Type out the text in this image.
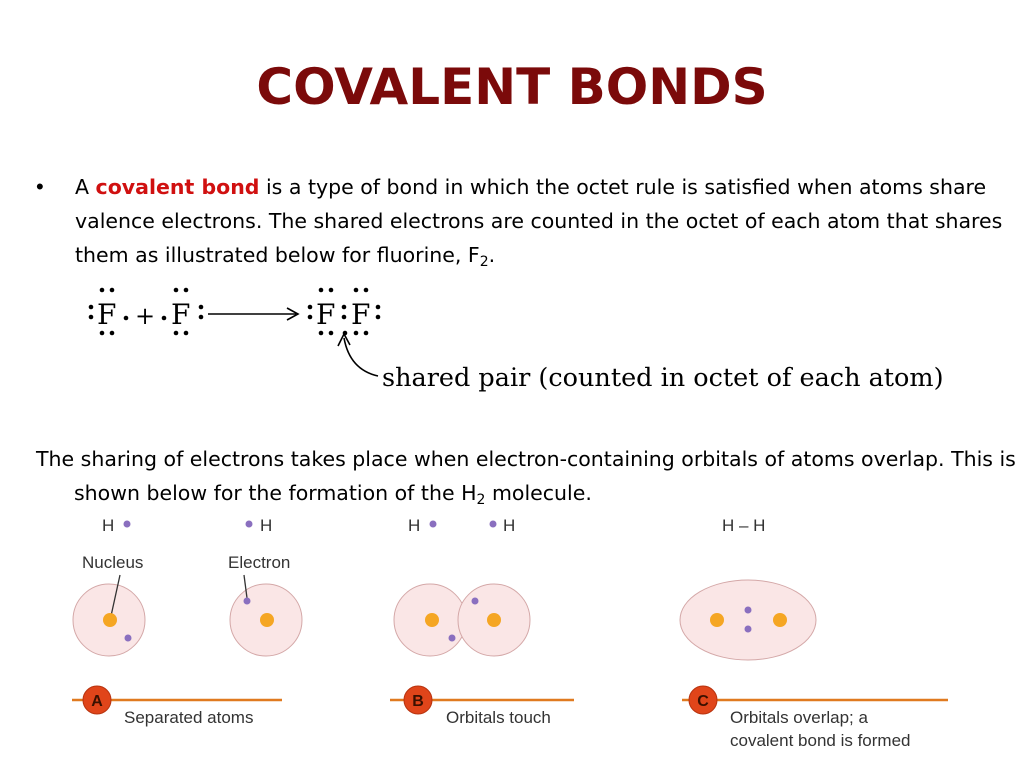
COVALENT BONDS
• A covalent bond is a type of bond in which the octet rule is satisfied when atoms share valence electrons. The shared electrons are counted in the octet of each atom that shares them as illustrated below for fluorine, $F_2$.
F + F	F F
shared pair (counted in octet of each atom)
The sharing of electrons takes place when electron-containing orbitals of atoms overlap. This is shown below for the formation of the $H_2$ molecule.
H
Nucleus
H
Electron
H	H	H – H
A
Separated atoms
B
Orbitals touch
C
Orbitals overlap; a
covalent bond is formed
